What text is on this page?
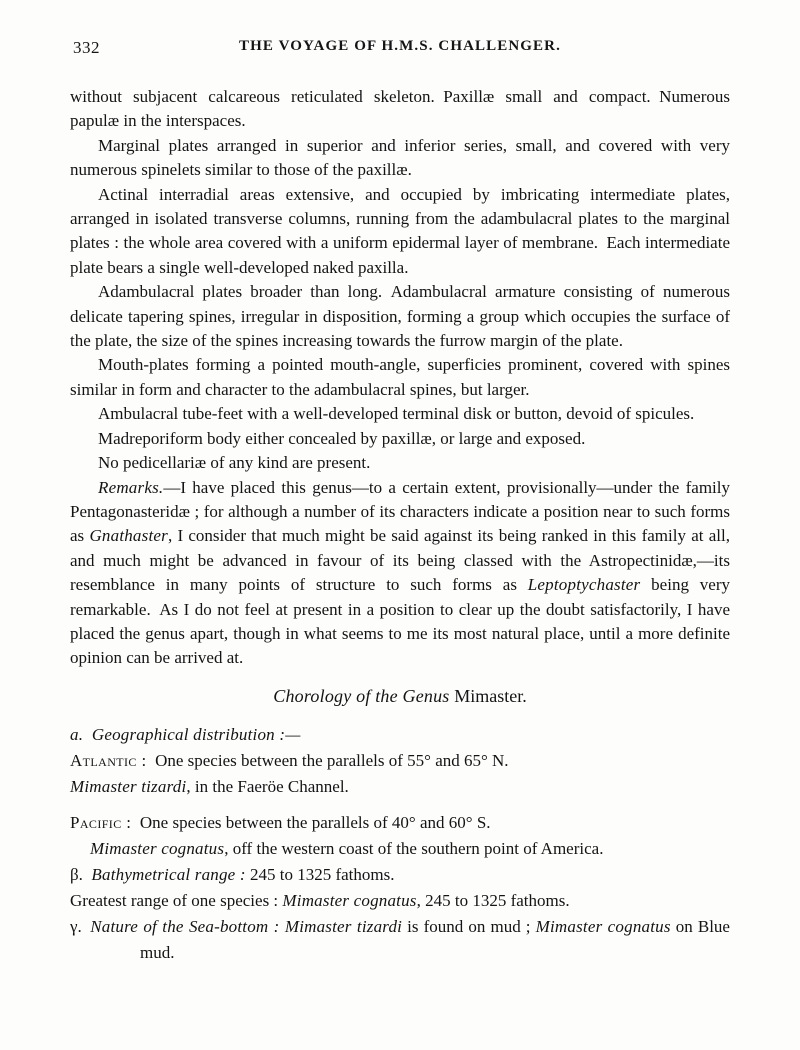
332	THE VOYAGE OF H.M.S. CHALLENGER.

without subjacent calcareous reticulated skeleton. Paxillæ small and compact. Numerous papulæ in the interspaces.

Marginal plates arranged in superior and inferior series, small, and covered with very numerous spinelets similar to those of the paxillæ.

Actinal interradial areas extensive, and occupied by imbricating intermediate plates, arranged in isolated transverse columns, running from the adambulacral plates to the marginal plates : the whole area covered with a uniform epidermal layer of membrane. Each intermediate plate bears a single well-developed naked paxilla.

Adambulacral plates broader than long. Adambulacral armature consisting of numerous delicate tapering spines, irregular in disposition, forming a group which occupies the surface of the plate, the size of the spines increasing towards the furrow margin of the plate.

Mouth-plates forming a pointed mouth-angle, superficies prominent, covered with spines similar in form and character to the adambulacral spines, but larger.

Ambulacral tube-feet with a well-developed terminal disk or button, devoid of spicules.

Madreporiform body either concealed by paxillæ, or large and exposed.

No pedicellariæ of any kind are present.

Remarks.—I have placed this genus—to a certain extent, provisionally—under the family Pentagonasteridæ ; for although a number of its characters indicate a position near to such forms as Gnathaster, I consider that much might be said against its being ranked in this family at all, and much might be advanced in favour of its being classed with the Astropectinidæ,—its resemblance in many points of structure to such forms as Leptoptychaster being very remarkable. As I do not feel at present in a position to clear up the doubt satisfactorily, I have placed the genus apart, though in what seems to me its most natural place, until a more definite opinion can be arrived at.

Chorology of the Genus Mimaster.
a. Geographical distribution :—
Atlantic : One species between the parallels of 55° and 65° N.
Mimaster tizardi, in the Faeröe Channel.
Pacific : One species between the parallels of 40° and 60° S.
Mimaster cognatus, off the western coast of the southern point of America.
β. Bathymetrical range : 245 to 1325 fathoms.
Greatest range of one species : Mimaster cognatus, 245 to 1325 fathoms.
γ. Nature of the Sea-bottom : Mimaster tizardi is found on mud ; Mimaster cognatus on Blue mud.
